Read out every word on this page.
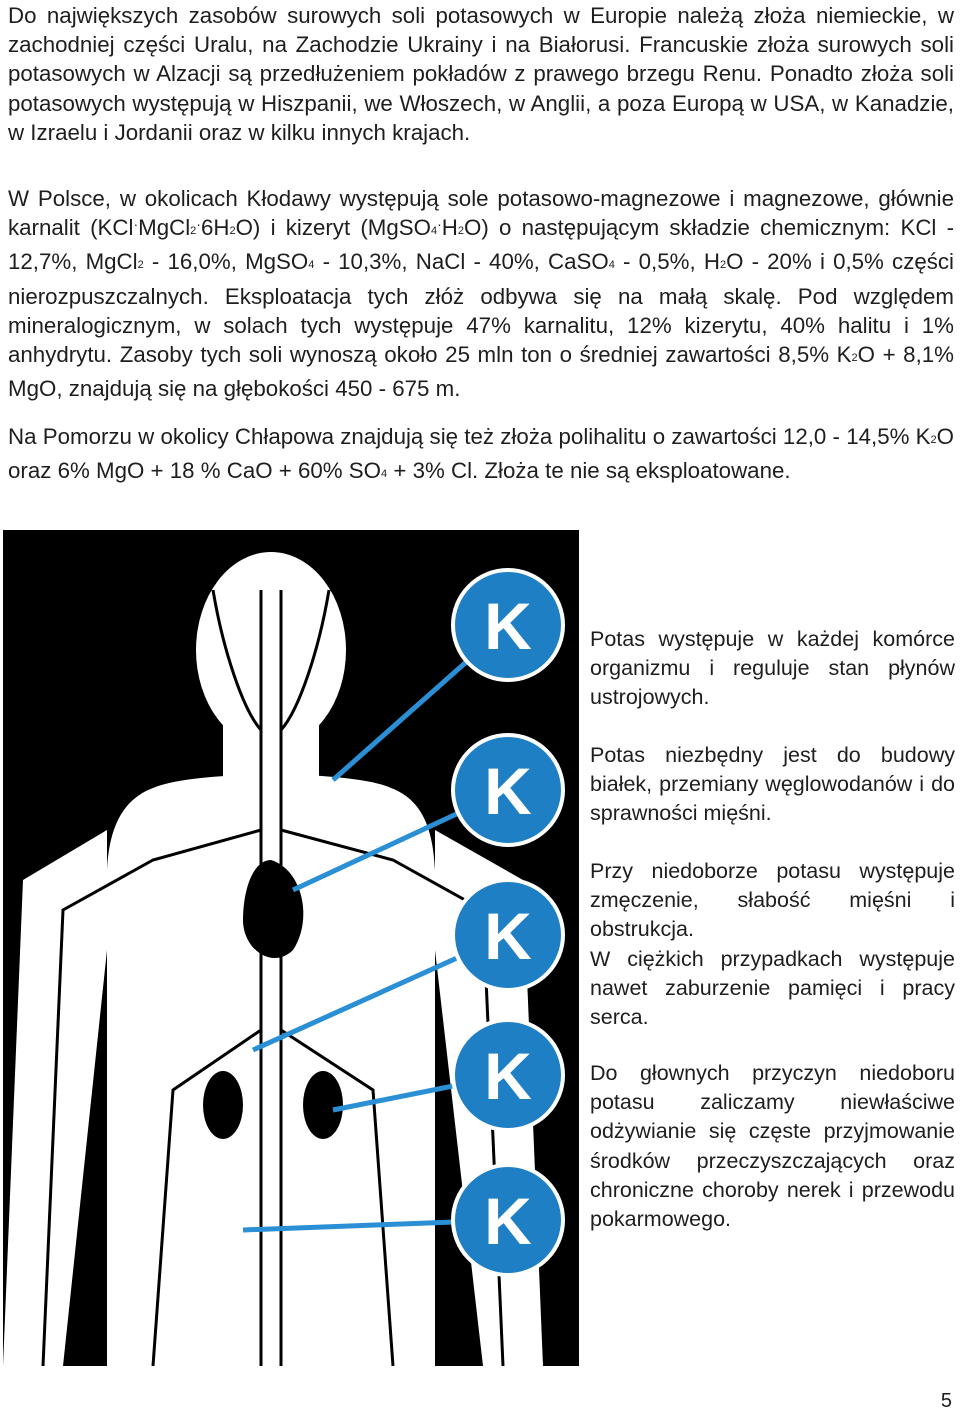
Do największych zasobów surowych soli potasowych w Europie należą złoża niemieckie, w zachodniej części Uralu, na Zachodzie Ukrainy i na Białorusi. Francuskie złoża surowych soli potasowych w Alzacji są przedłużeniem pokładów z prawego brzegu Renu. Ponadto złoża soli potasowych występują w Hiszpanii, we Włoszech, w Anglii, a poza Europą w USA, w Kanadzie, w Izraelu i Jordanii oraz w kilku innych krajach.

W Polsce, w okolicach Kłodawy występują sole potasowo-magnezowe i magnezowe, głównie karnalit $(KCl^\cdot MgCl_2^\cdot 6H_2O)$ i kizeryt $(MgSO_4^\cdot H_2O)$ o następującym składzie chemicznym: KCl - 12,7%, MgCl$_2$ - 16,0%, MgSO$_4$ - 10,3%, NaCl - 40%, CaSO$_4$ - 0,5%, $H_2O - 20\%$ i 0,5% części nierozpuszczalnych. Eksploatacja tych złóż odbywa się na małą skalę. Pod względem mineralogicznym, w solach tych występuje 47% karnalitu, 12% kizerytu, 40% halitu i 1% anhydrytu. Zasoby tych soli wynoszą około 25 mln ton o średniej zawartości 8,5% $K_2O + 8,1\%$ MgO, znajdują się na głębokości 450 - 675 m.

Na Pomorzu w okolicy Chłapowa znajdują się też złoża polihalitu o zawartości 12,0 - 14,5% $K_2O$ oraz 6% MgO + 18 % CaO + 60% $SO_4 + 3\%$ Cl. Złoża te nie są eksploatowane.

K
K
K
K
K
Potas występuje w każdej komórce organizmu i reguluje stan płynów ustrojowych.
Potas niezbędny jest do budowy białek, przemiany węglowodanów i do sprawności mięśni.
Przy niedoborze potasu występuje zmęczenie, słabość mięśni i obstrukcja.
W ciężkich przypadkach występuje nawet zaburzenie pamięci i pracy serca.
Do głownych przyczyn niedoboru potasu zaliczamy niewłaściwe odżywianie się częste przyjmowanie środków przeczyszczających oraz chroniczne choroby nerek i przewodu pokarmowego.
5
